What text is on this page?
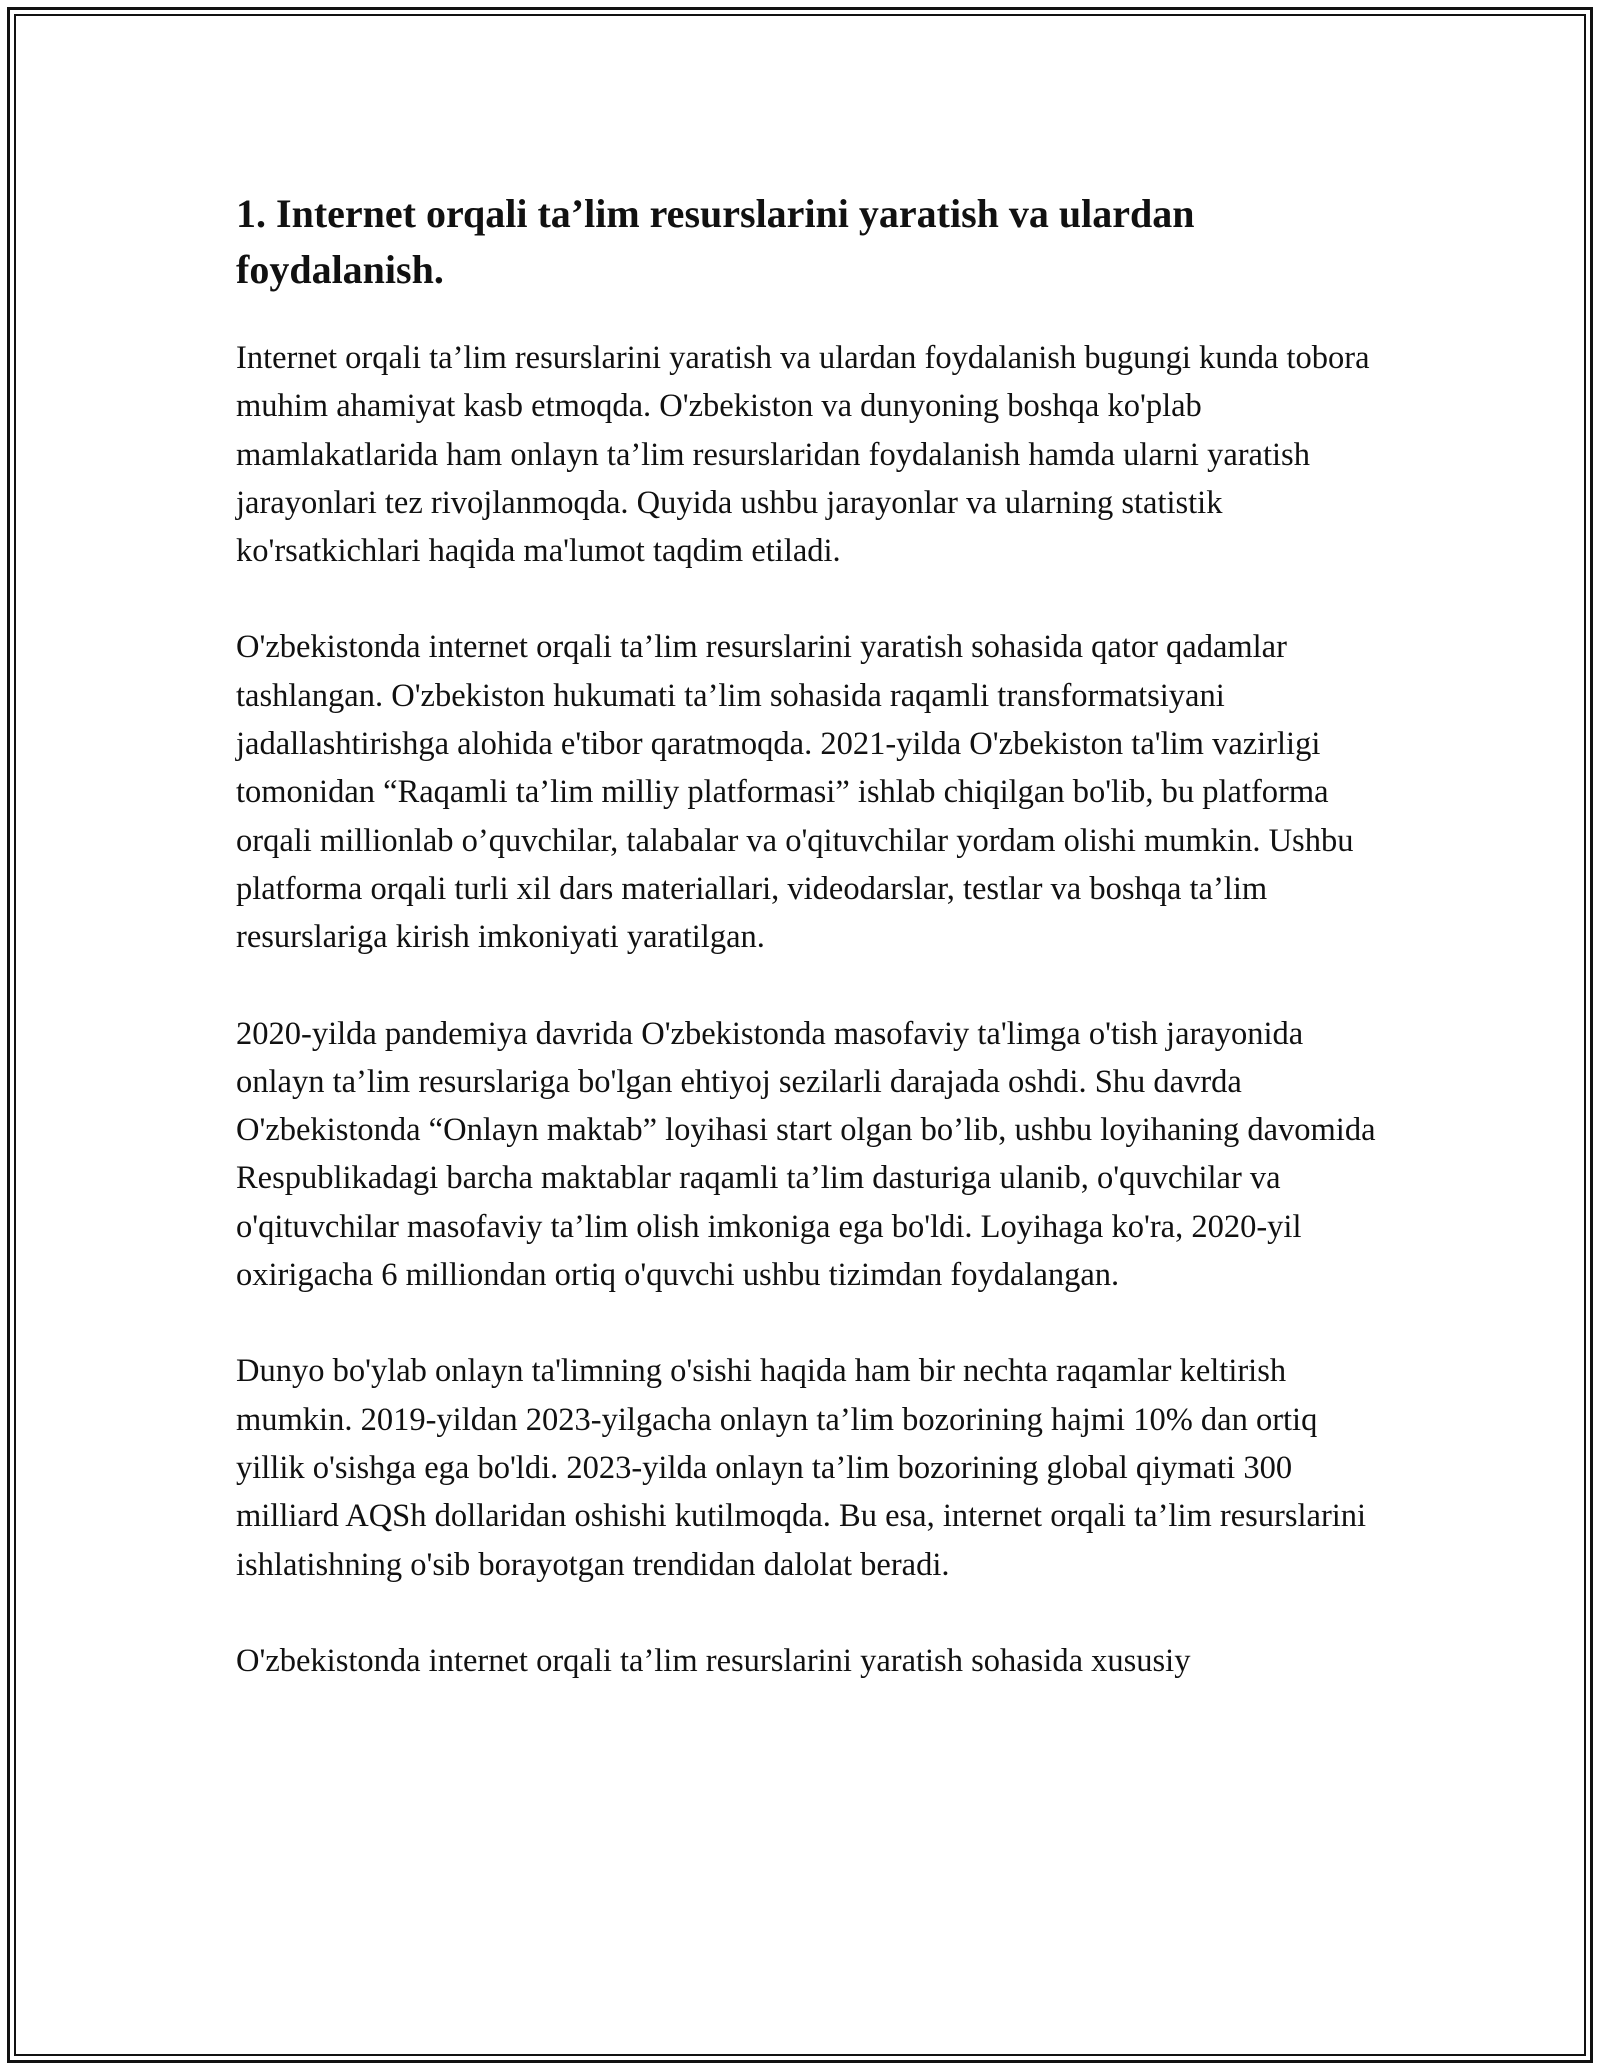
1. Internet orqali ta’lim resurslarini yaratish va ulardan foydalanish.

Internet orqali ta’lim resurslarini yaratish va ulardan foydalanish bugungi kunda tobora muhim ahamiyat kasb etmoqda. O'zbekiston va dunyoning boshqa ko'plab mamlakatlarida ham onlayn ta’lim resurslaridan foydalanish hamda ularni yaratish jarayonlari tez rivojlanmoqda. Quyida ushbu jarayonlar va ularning statistik ko'rsatkichlari haqida ma'lumot taqdim etiladi.

O'zbekistonda internet orqali ta’lim resurslarini yaratish sohasida qator qadamlar tashlangan. O'zbekiston hukumati ta’lim sohasida raqamli transformatsiyani jadallashtirishga alohida e'tibor qaratmoqda. 2021-yilda O'zbekiston ta'lim vazirligi tomonidan “Raqamli ta’lim milliy platformasi” ishlab chiqilgan bo'lib, bu platforma orqali millionlab o’quvchilar, talabalar va o'qituvchilar yordam olishi mumkin. Ushbu platforma orqali turli xil dars materiallari, videodarslar, testlar va boshqa ta’lim resurslariga kirish imkoniyati yaratilgan.

2020-yilda pandemiya davrida O'zbekistonda masofaviy ta'limga o'tish jarayonida onlayn ta’lim resurslariga bo'lgan ehtiyoj sezilarli darajada oshdi. Shu davrda O'zbekistonda “Onlayn maktab” loyihasi start olgan bo’lib, ushbu loyihaning davomida Respublikadagi barcha maktablar raqamli ta’lim dasturiga ulanib, o'quvchilar va o'qituvchilar masofaviy ta’lim olish imkoniga ega bo'ldi. Loyihaga ko'ra, 2020-yil oxirigacha 6 milliondan ortiq o'quvchi ushbu tizimdan foydalangan.

Dunyo bo'ylab onlayn ta'limning o'sishi haqida ham bir nechta raqamlar keltirish mumkin. 2019-yildan 2023-yilgacha onlayn ta’lim bozorining hajmi 10% dan ortiq yillik o'sishga ega bo'ldi. 2023-yilda onlayn ta’lim bozorining global qiymati 300 milliard AQSh dollaridan oshishi kutilmoqda. Bu esa, internet orqali ta’lim resurslarini ishlatishning o'sib borayotgan trendidan dalolat beradi.

O'zbekistonda internet orqali ta’lim resurslarini yaratish sohasida xususiy
